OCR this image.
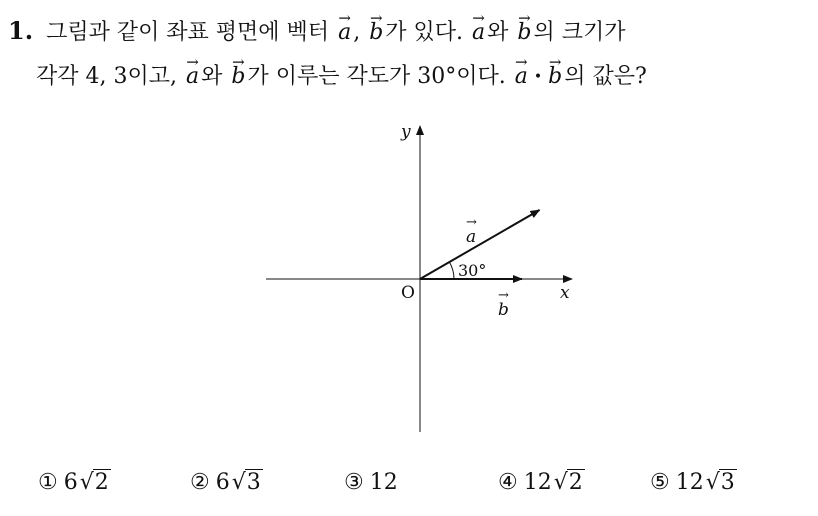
1. 그림과 같이 좌표 평면에 벡터 → a, → b가 있다. → a와 → b의 크기가
각각 4, 3이고, → a와 → b가 이루는 각도가 30°이다. → a • → b의 값은?
y
x
O
a
→
b
→
30°
① 6√2	② 6√3	③ 12	④ 12√2	⑤ 12√3
